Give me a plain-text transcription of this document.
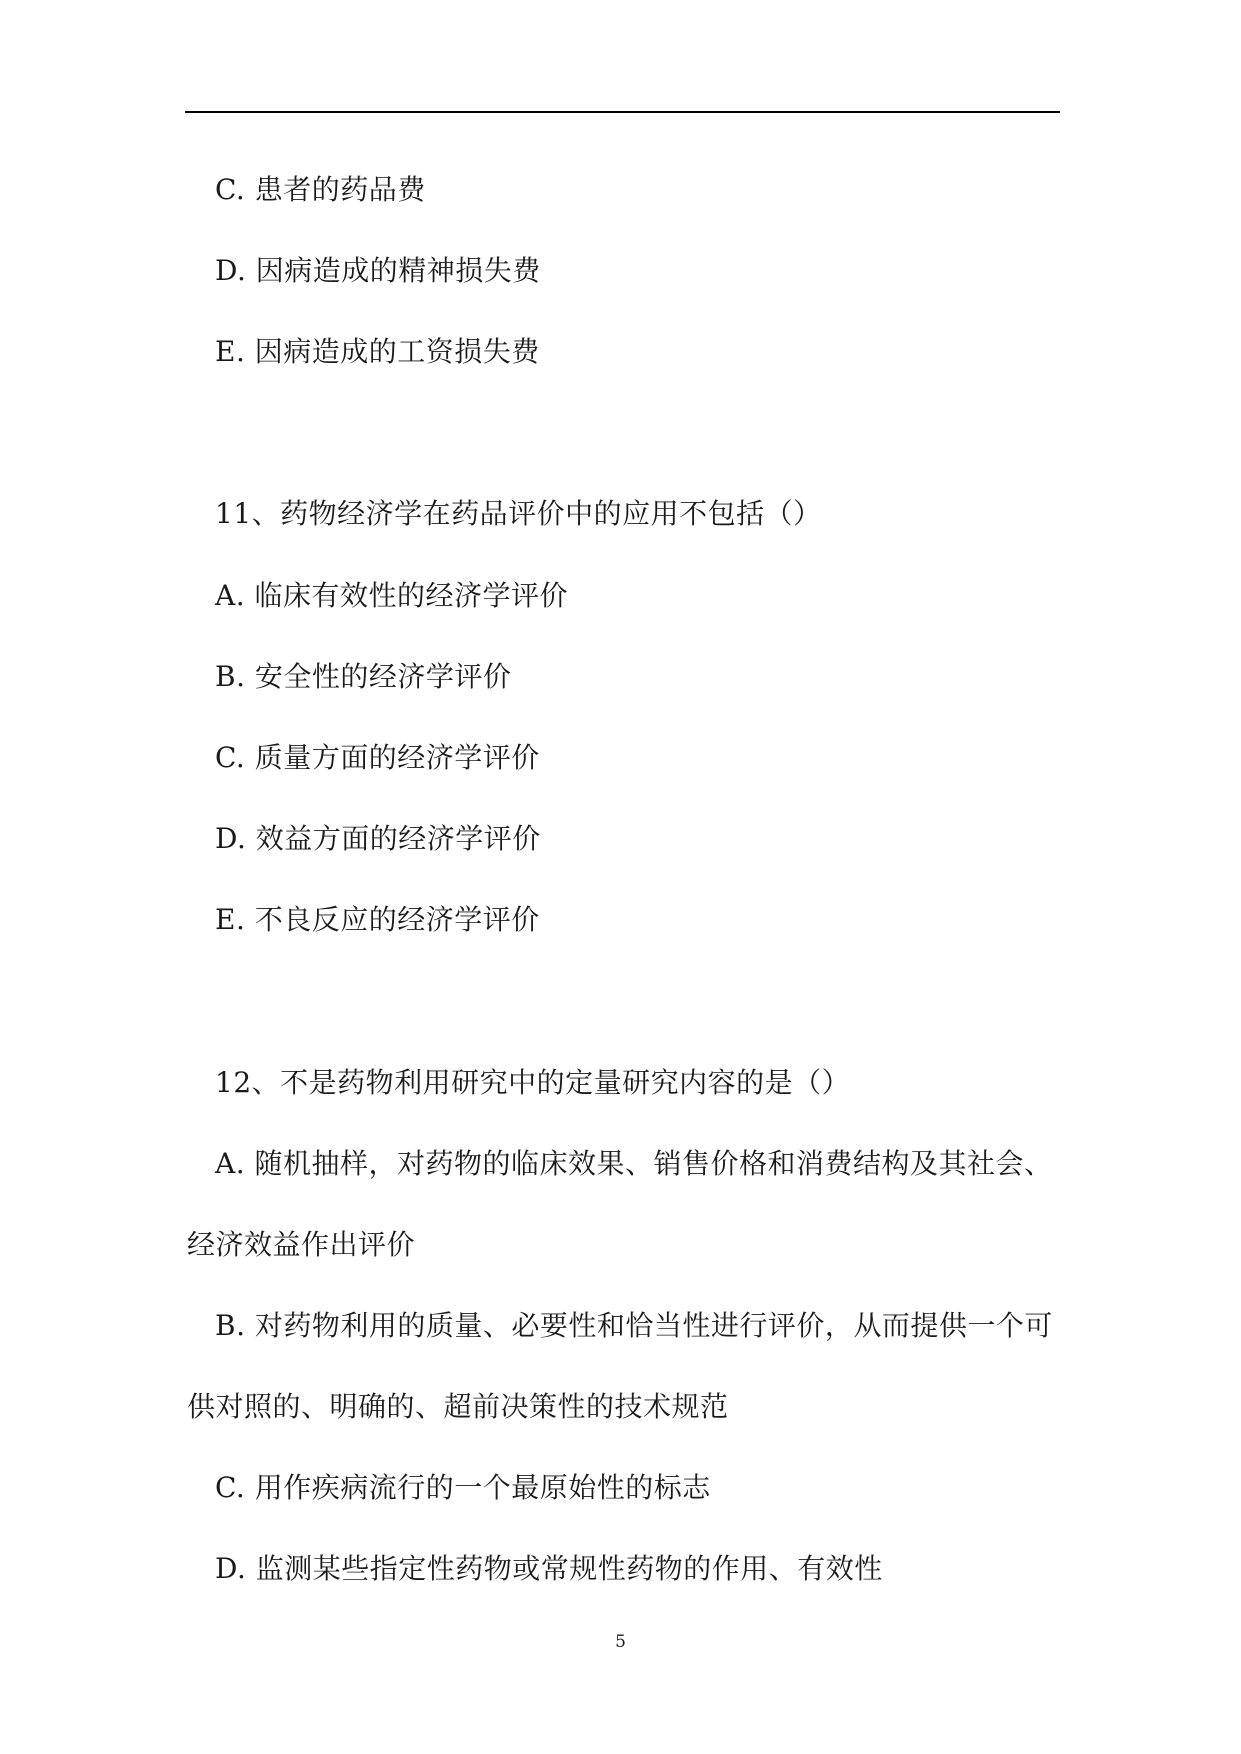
C. 患者的药品费
D. 因病造成的精神损失费
E. 因病造成的工资损失费
11、药物经济学在药品评价中的应用不包括（）
A. 临床有效性的经济学评价
B. 安全性的经济学评价
C. 质量方面的经济学评价
D. 效益方面的经济学评价
E. 不良反应的经济学评价
12、不是药物利用研究中的定量研究内容的是（）
A. 随机抽样，对药物的临床效果、销售价格和消费结构及其社会、
经济效益作出评价
B. 对药物利用的质量、必要性和恰当性进行评价，从而提供一个可
供对照的、明确的、超前决策性的技术规范
C. 用作疾病流行的一个最原始性的标志
D. 监测某些指定性药物或常规性药物的作用、有效性
5
